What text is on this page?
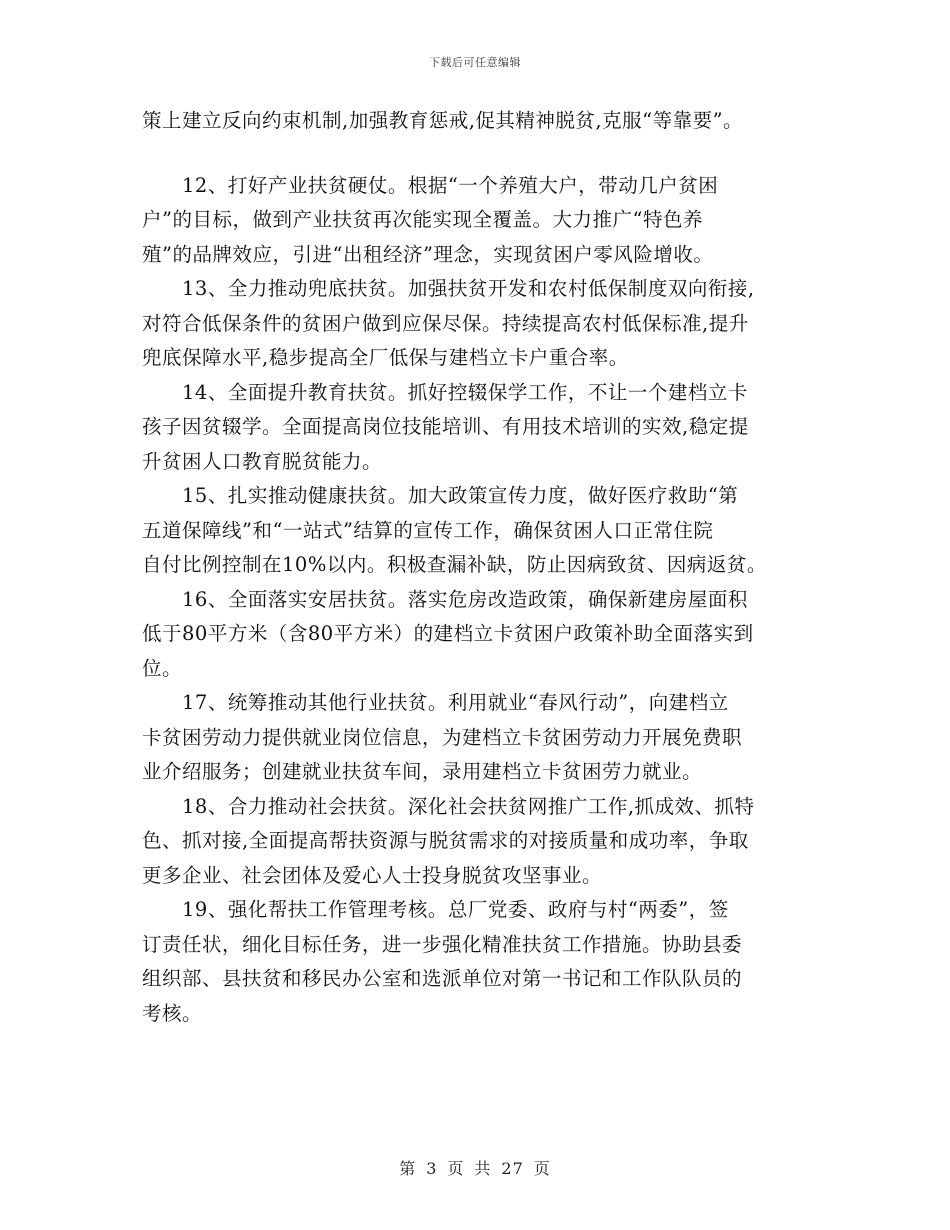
下载后可任意编辑
策上建立反向约束机制,加强教育惩戒,促其精神脱贫,克服“等靠要”。
12、打好产业扶贫硬仗。根据“一个养殖大户，带动几户贫困
户”的目标，做到产业扶贫再次能实现全覆盖。大力推广“特色养
殖”的品牌效应，引进“出租经济”理念，实现贫困户零风险增收。
13、全力推动兜底扶贫。加强扶贫开发和农村低保制度双向衔接,
对符合低保条件的贫困户做到应保尽保。持续提高农村低保标准,提升
兜底保障水平,稳步提高全厂低保与建档立卡户重合率。
14、全面提升教育扶贫。抓好控辍保学工作，不让一个建档立卡
孩子因贫辍学。全面提高岗位技能培训、有用技术培训的实效,稳定提
升贫困人口教育脱贫能力。
15、扎实推动健康扶贫。加大政策宣传力度，做好医疗救助“第
五道保障线”和“一站式”结算的宣传工作，确保贫困人口正常住院
自付比例控制在10%以内。积极查漏补缺，防止因病致贫、因病返贫。
16、全面落实安居扶贫。落实危房改造政策，确保新建房屋面积
低于80平方米（含80平方米）的建档立卡贫困户政策补助全面落实到
位。
17、统筹推动其他行业扶贫。利用就业“春风行动”，向建档立
卡贫困劳动力提供就业岗位信息，为建档立卡贫困劳动力开展免费职
业介绍服务；创建就业扶贫车间，录用建档立卡贫困劳力就业。
18、合力推动社会扶贫。深化社会扶贫网推广工作,抓成效、抓特
色、抓对接,全面提高帮扶资源与脱贫需求的对接质量和成功率，争取
更多企业、社会团体及爱心人士投身脱贫攻坚事业。
19、强化帮扶工作管理考核。总厂党委、政府与村“两委”，签
订责任状，细化目标任务，进一步强化精准扶贫工作措施。协助县委
组织部、县扶贫和移民办公室和选派单位对第一书记和工作队队员的
考核。
第 3 页 共 27 页
